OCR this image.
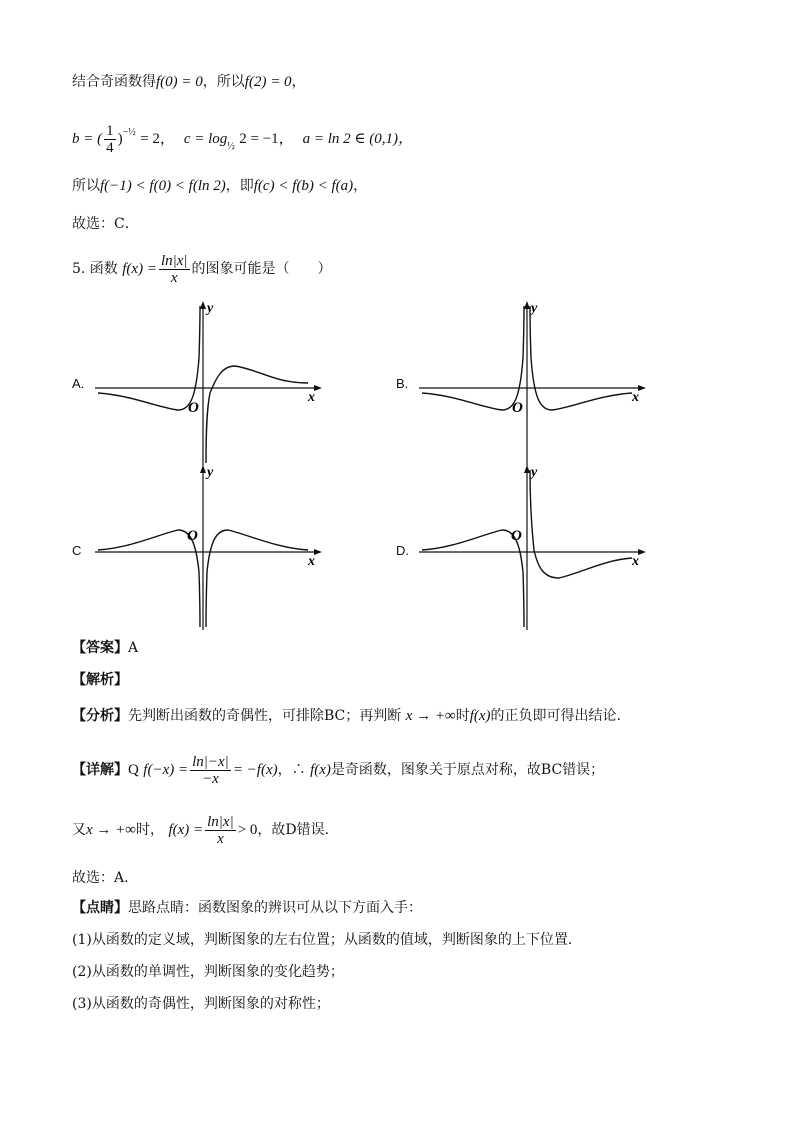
结合奇函数得f(0) = 0，所以f(2) = 0，
b = ( $\frac{1}{4} )^{-\frac{1}{2}} = 2$， $c = \log_{\frac{1}{2}} 2 = -1$， a = ln 2 ∈ (0,1)，
所以f(−1) < f(0) < f(ln 2)，即f(c) < f(b) < f(a)，
故选：C．
5. 函数 $f(x) = \frac{\ln|x|}{x}$ 的图象可能是（　　）
A.	B.
C	D.
x
y
O
x
y
O
x
y
O
x
y
O
【答案】A
【解析】
【分析】先判断出函数的奇偶性，可排除BC；再判断 x → +∞时f(x)的正负即可得出结论.
【详解】Q $f(-x) = \frac{\ln|-x|}{-x} = -f(x)$，∴ f(x)是奇函数，图象关于原点对称，故BC错误；
又x → +∞时， $f(x) = \frac{\ln|x|}{x} > 0$，故D错误.
故选：A.
【点睛】思路点睛：函数图象的辨识可从以下方面入手：
(1)从函数的定义域，判断图象的左右位置；从函数的值域，判断图象的上下位置.
(2)从函数的单调性，判断图象的变化趋势；
(3)从函数的奇偶性，判断图象的对称性；
